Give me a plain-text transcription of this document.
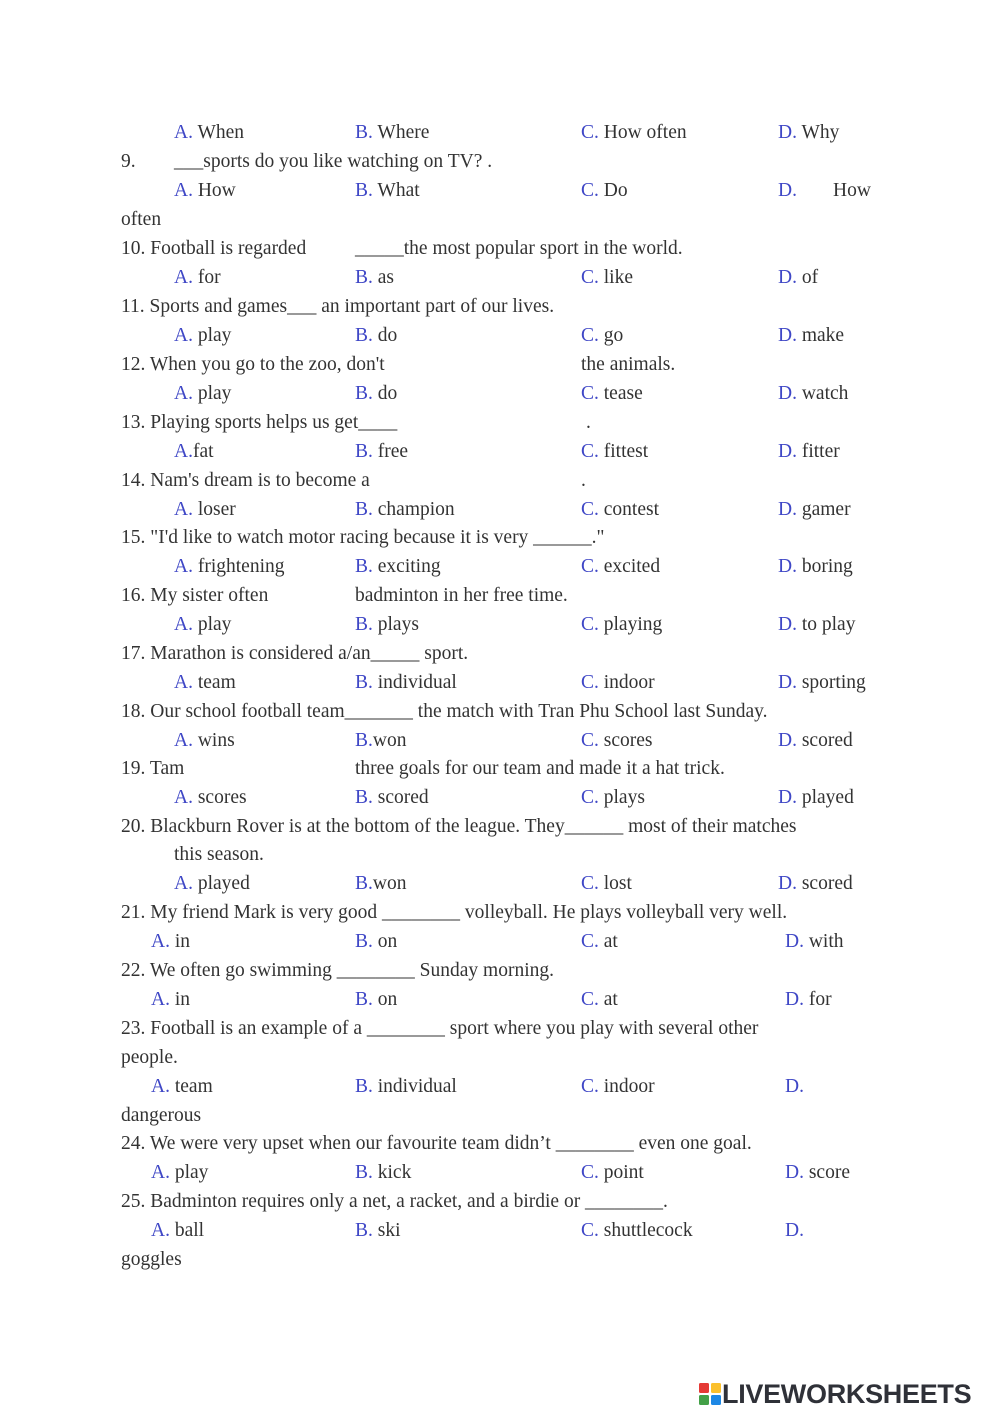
A. When	B. Where	C. How often	D. Why
9. ___sports do you like watching on TV? .
A. How	B. What	C. Do	D. How
often
10. Football is regarded	_____the most popular sport in the world.
A. for	B. as	C. like	D. of
11. Sports and games___ an important part of our lives.
A. play	B. do	C. go	D. make
12. When you go to the zoo, don't	the animals.
A. play	B. do	C. tease	D. watch
13. Playing sports helps us get____	.
A.fat	B. free	C. fittest	D. fitter
14. Nam's dream is to become a	.
A. loser	B. champion	C. contest	D. gamer
15. "I'd like to watch motor racing because it is very ______."
A. frightening	B. exciting	C. excited	D. boring
16. My sister often	badminton in her free time.
A. play	B. plays	C. playing	D. to play
17. Marathon is considered a/an_____ sport.
A. team	B. individual	C. indoor	D. sporting
18. Our school football team_______ the match with Tran Phu School last Sunday.
A. wins	B.won	C. scores	D. scored
19. Tam	three goals for our team and made it a hat trick.
A. scores	B. scored	C. plays	D. played
20. Blackburn Rover is at the bottom of the league. They______ most of their matches
this season.
A. played	B.won	C. lost	D. scored
21. My friend Mark is very good ________ volleyball. He plays volleyball very well.
A. in	B. on	C. at	D. with
22. We often go swimming ________ Sunday morning.
A. in	B. on	C. at	D. for
23. Football is an example of a ________ sport where you play with several other
people.
A. team	B. individual	C. indoor	D.
dangerous
24. We were very upset when our favourite team didn’t ________ even one goal.
A. play	B. kick	C. point	D. score
25. Badminton requires only a net, a racket, and a birdie or ________.
A. ball	B. ski	C. shuttlecock	D.
goggles
LIVEWORKSHEETS
